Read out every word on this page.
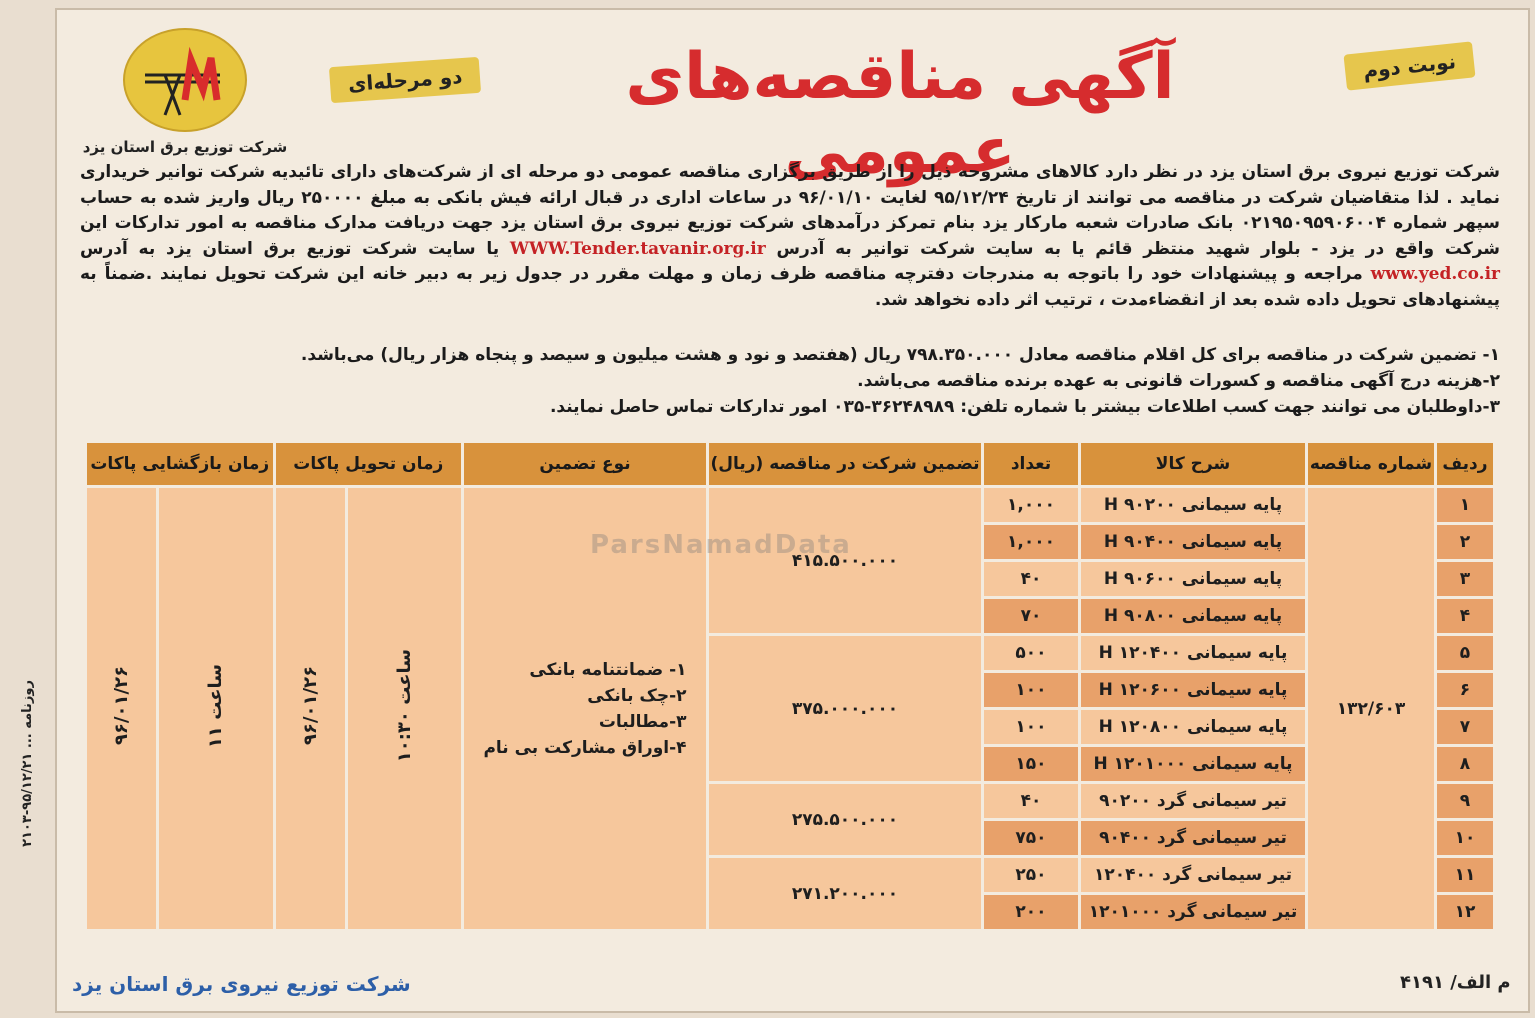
شرکت توزیع برق استان یزد
دو مرحله‌ای	نوبت دوم
آگهی مناقصه‌های عمومی
شرکت توزیع نیروی برق استان یزد در نظر دارد کالاهای مشروحه ذیل را از طریق برگزاری مناقصه عمومی دو مرحله ای از شرکت‌های دارای تائیدیه شرکت توانیر خریداری نماید . لذا متقاضیان شرکت در مناقصه می توانند از تاریخ ۹۵/۱۲/۲۴ لغایت ۹۶/۰۱/۱۰ در ساعات اداری در قبال ارائه فیش بانکی به مبلغ ۲۵۰۰۰۰ ریال واریز شده به حساب سپهر شماره ۰۲۱۹۵۰۹۵۹۰۶۰۰۴ بانک صادرات شعبه مارکار یزد بنام تمرکز درآمدهای شرکت توزیع نیروی برق استان یزد جهت دریافت مدارک مناقصه به امور تدارکات این شرکت واقع در یزد - بلوار شهید منتظر قائم یا به سایت شرکت توانیر به آدرس WWW.Tender.tavanir.org.ir یا سایت شرکت توزیع برق استان یزد به آدرس www.yed.co.ir مراجعه و پیشنهادات خود را باتوجه به مندرجات دفترچه مناقصه ظرف زمان و مهلت مقرر در جدول زیر به دبیر خانه این شرکت تحویل نمایند .ضمناً به پیشنهادهای تحویل داده شده بعد از انقضاءمدت ، ترتیب اثر داده نخواهد شد.
۱- تضمین شرکت در مناقصه برای کل اقلام مناقصه معادل ۷۹۸.۳۵۰.۰۰۰ ریال (هفتصد و نود و هشت میلیون و سیصد و پنجاه هزار ریال) می‌باشد.
۲-هزینه درج آگهی مناقصه و کسورات قانونی به عهده برنده مناقصه می‌باشد.
۳-داوطلبان می توانند جهت کسب اطلاعات بیشتر با شماره تلفن: ۳۶۲۴۸۹۸۹-۰۳۵ امور تدارکات تماس حاصل نمایند.
ردیف	شماره مناقصه	شرح کالا	تعداد	تضمین شرکت در مناقصه (ریال)	نوع تضمین	زمان تحویل پاکات		زمان بازگشایی پاکات	
۱	۱۳۲/۶۰۳	پایه سیمانی ۹۰۲۰۰ H	۱,۰۰۰	۴۱۵.۵۰۰.۰۰۰	۱- ضمانتنامه بانکی
۲-چک بانکی
۳-مطالبات
۴-اوراق مشارکت بی نام	ساعت ۱۰:۳۰	۹۶/۰۱/۲۶	ساعت ۱۱	۹۶/۰۱/۲۶
۲		پایه سیمانی ۹۰۴۰۰ H	۱,۰۰۰						
۳		پایه سیمانی ۹۰۶۰۰ H	۴۰						
۴		پایه سیمانی ۹۰۸۰۰ H	۷۰						
۵		پایه سیمانی ۱۲۰۴۰۰ H	۵۰۰	۳۷۵.۰۰۰.۰۰۰					
۶		پایه سیمانی ۱۲۰۶۰۰ H	۱۰۰						
۷		پایه سیمانی ۱۲۰۸۰۰ H	۱۰۰						
۸		پایه سیمانی ۱۲۰۱۰۰۰ H	۱۵۰						
۹		تیر سیمانی گرد ۹۰۲۰۰	۴۰	۲۷۵.۵۰۰.۰۰۰					
۱۰		تیر سیمانی گرد ۹۰۴۰۰	۷۵۰						
۱۱		تیر سیمانی گرد ۱۲۰۴۰۰	۲۵۰	۲۷۱.۲۰۰.۰۰۰					
۱۲		تیر سیمانی گرد ۱۲۰۱۰۰۰	۲۰۰						
ParsNamadData
روزنامه ... ۹۵/۱۲/۲۱-۲۱۰۳
شرکت توزیع نیروی برق استان یزد	م الف/ ۴۱۹۱
